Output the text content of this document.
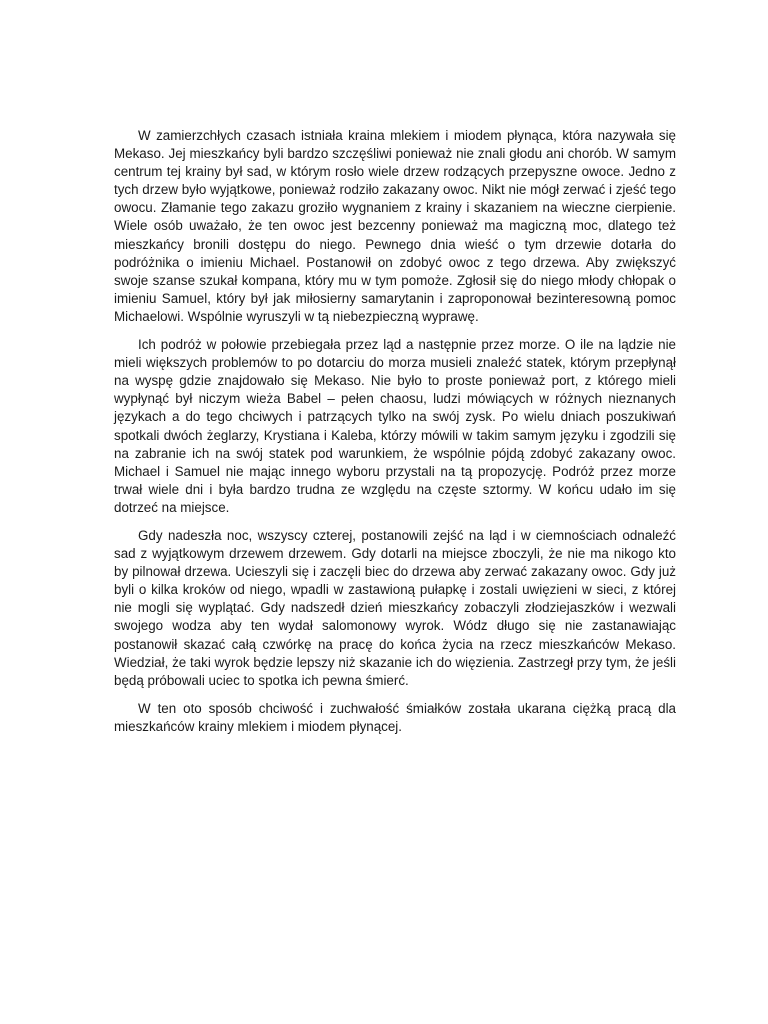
W zamierzchłych czasach istniała kraina mlekiem i miodem płynąca, która nazywała się Mekaso. Jej mieszkańcy byli bardzo szczęśliwi ponieważ nie znali głodu ani chorób. W samym centrum tej krainy był sad, w którym rosło wiele drzew rodzących przepyszne owoce. Jedno z tych drzew było wyjątkowe, ponieważ rodziło zakazany owoc. Nikt nie mógł zerwać i zjeść tego owocu. Złamanie tego zakazu groziło wygnaniem z krainy i skazaniem na wieczne cierpienie. Wiele osób uważało, że ten owoc jest bezcenny ponieważ ma magiczną moc, dlatego też mieszkańcy bronili dostępu do niego. Pewnego dnia wieść o tym drzewie dotarła do podróżnika o imieniu Michael. Postanowił on zdobyć owoc z tego drzewa. Aby zwiększyć swoje szanse szukał kompana, który mu w tym pomoże. Zgłosił się do niego młody chłopak o imieniu Samuel, który był jak miłosierny samarytanin i zaproponował bezinteresowną pomoc Michaelowi. Wspólnie wyruszyli w tą niebezpieczną wyprawę.

Ich podróż w połowie przebiegała przez ląd a następnie przez morze. O ile na lądzie nie mieli większych problemów to po dotarciu do morza musieli znaleźć statek, którym przepłynął na wyspę gdzie znajdowało się Mekaso. Nie było to proste ponieważ port, z którego mieli wypłynąć był niczym wieża Babel – pełen chaosu, ludzi mówiących w różnych nieznanych językach a do tego chciwych i patrzących tylko na swój zysk. Po wielu dniach poszukiwań spotkali dwóch żeglarzy, Krystiana i Kaleba, którzy mówili w takim samym języku i zgodzili się na zabranie ich na swój statek pod warunkiem, że wspólnie pójdą zdobyć zakazany owoc. Michael i Samuel nie mając innego wyboru przystali na tą propozycję. Podróż przez morze trwał wiele dni i była bardzo trudna ze względu na częste sztormy. W końcu udało im się dotrzeć na miejsce.

Gdy nadeszła noc, wszyscy czterej, postanowili zejść na ląd i w ciemnościach odnaleźć sad z wyjątkowym drzewem drzewem. Gdy dotarli na miejsce zboczyli, że nie ma nikogo kto by pilnował drzewa. Ucieszyli się i zaczęli biec do drzewa aby zerwać zakazany owoc. Gdy już byli o kilka kroków od niego, wpadli w zastawioną pułapkę i zostali uwięzieni w sieci, z której nie mogli się wyplątać. Gdy nadszedł dzień mieszkańcy zobaczyli złodziejaszków i wezwali swojego wodza aby ten wydał salomonowy wyrok. Wódz długo się nie zastanawiając postanowił skazać całą czwórkę na pracę do końca życia na rzecz mieszkańców Mekaso. Wiedział, że taki wyrok będzie lepszy niż skazanie ich do więzienia. Zastrzegł przy tym, że jeśli będą próbowali uciec to spotka ich pewna śmierć.

W ten oto sposób chciwość i zuchwałość śmiałków została ukarana ciężką pracą dla mieszkańców krainy mlekiem i miodem płynącej.
